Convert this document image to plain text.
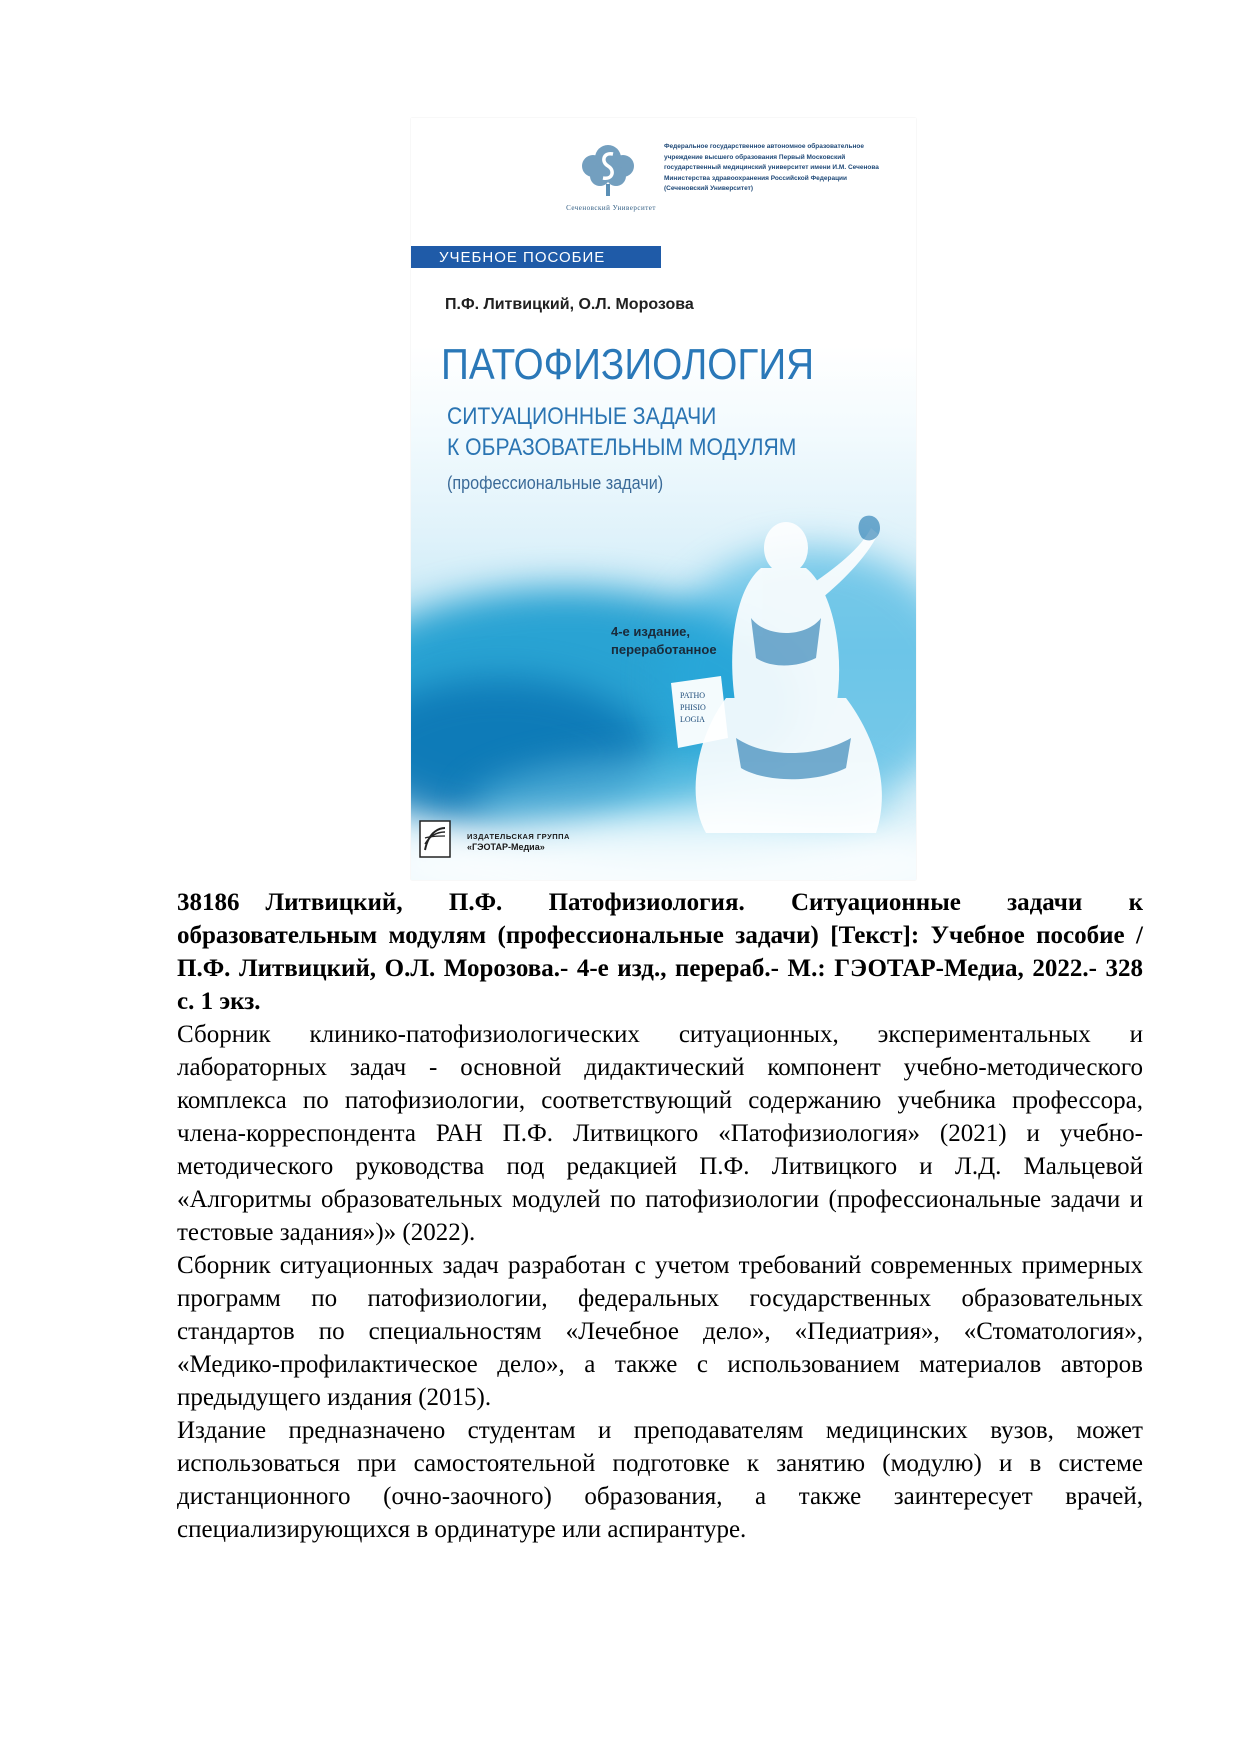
Сеченовский Университет
Федеральное государственное автономное образовательное
учреждение высшего образования Первый Московский
государственный медицинский университет имени И.М. Сеченова
Министерства здравоохранения Российской Федерации
(Сеченовский Университет)
УЧЕБНОЕ ПОСОБИЕ
П.Ф. Литвицкий, О.Л. Морозова
ПАТОФИЗИОЛОГИЯ
СИТУАЦИОННЫЕ ЗАДАЧИ
К ОБРАЗОВАТЕЛЬНЫМ МОДУЛЯМ
(профессиональные задачи)
PATHO
PHISIO
LOGIA
4-е издание,
переработанное
ИЗДАТЕЛЬСКАЯ ГРУППА
«ГЭОТАР-Медиа»

38186 Литвицкий, П.Ф. Патофизиология. Ситуационные задачи к образовательным модулям (профессиональные задачи) [Текст]: Учебное пособие /П.Ф. Литвицкий, О.Л. Морозова.- 4-е изд., перераб.- М.: ГЭОТАР-Медиа, 2022.- 328 с. 1 экз.

Сборник клинико-патофизиологических ситуационных, экспериментальных и лабораторных задач - основной дидактический компонент учебно-методического комплекса по патофизиологии, соответствующий содержанию учебника профессора, члена-корреспондента РАН П.Ф. Литвицкого «Патофизиология» (2021) и учебно-методического руководства под редакцией П.Ф. Литвицкого и Л.Д. Мальцевой «Алгоритмы образовательных модулей по патофизиологии (профессиональные задачи и тестовые задания»)» (2022).

Сборник ситуационных задач разработан с учетом требований современных примерных программ по патофизиологии, федеральных государственных образовательных стандартов по специальностям «Лечебное дело», «Педиатрия», «Стоматология», «Медико-профилактическое дело», а также с использованием материалов авторов предыдущего издания (2015).

Издание предназначено студентам и преподавателям медицинских вузов, может использоваться при самостоятельной подготовке к занятию (модулю) и в системе дистанционного (очно-заочного) образования, а также заинтересует врачей, специализирующихся в ординатуре или аспирантуре.
